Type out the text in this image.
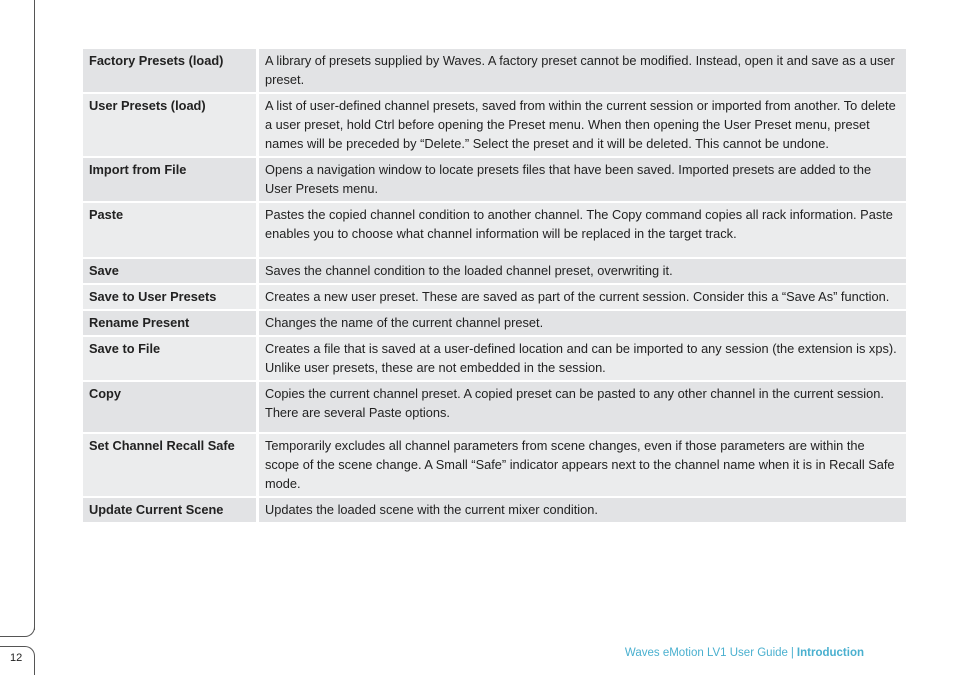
12
Factory Presets (load)	A library of presets supplied by Waves. A factory preset cannot be modified. Instead, open it and save as a user preset.
User Presets (load)	A list of user-defined channel presets, saved from within the current session or imported from another. To delete a user preset, hold Ctrl before opening the Preset menu. When then opening the User Preset menu, preset names will be preceded by “Delete.” Select the preset and it will be deleted. This cannot be undone.
Import from File	Opens a navigation window to locate presets files that have been saved. Imported presets are added to the User Presets menu.
Paste	Pastes the copied channel condition to another channel. The Copy command copies all rack information. Paste enables you to choose what channel information will be replaced in the target track.
Save	Saves the channel condition to the loaded channel preset, overwriting it.
Save to User Presets	Creates a new user preset. These are saved as part of the current session. Consider this a “Save As” function.
Rename Present	Changes the name of the current channel preset.
Save to File	Creates a file that is saved at a user-defined location and can be imported to any session (the extension is xps). Unlike user presets, these are not embedded in the session.
Copy	Copies the current channel preset. A copied preset can be pasted to any other channel in the current session. There are several Paste options.
Set Channel Recall Safe	Temporarily excludes all channel parameters from scene changes, even if those parameters are within the scope of the scene change. A Small “Safe” indicator appears next to the channel name when it is in Recall Safe mode.
Update Current Scene	Updates the loaded scene with the current mixer condition.
Waves eMotion LV1 User Guide | Introduction
